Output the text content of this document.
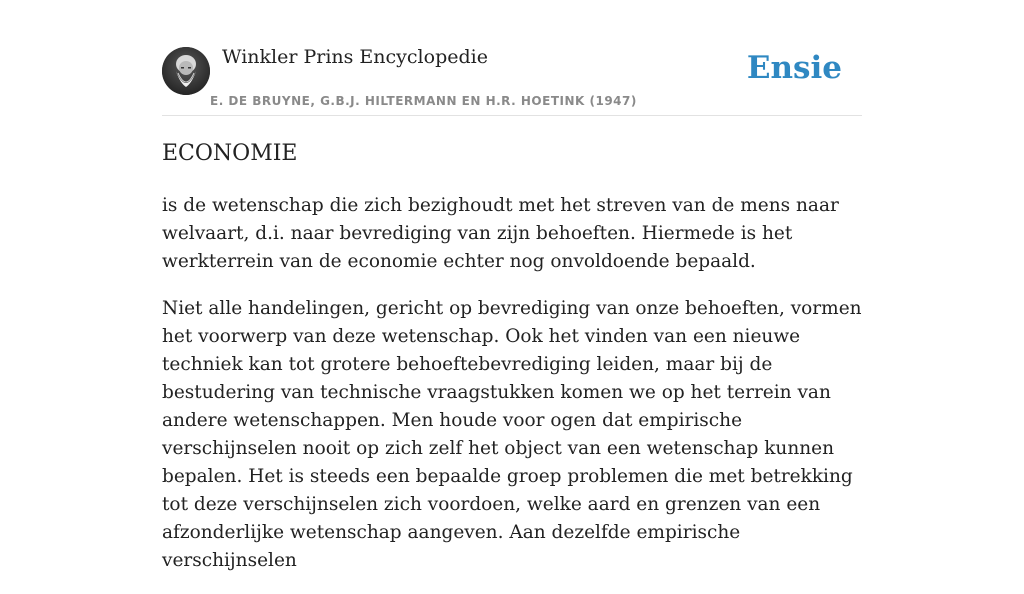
Winkler Prins Encyclopedie
E. DE BRUYNE, G.B.J. HILTERMANN EN H.R. HOETINK (1947)
Ensie
ECONOMIE

is de wetenschap die zich bezighoudt met het streven van de mens naar welvaart, d.i. naar bevrediging van zijn behoeften. Hiermede is het werkterrein van de economie echter nog onvoldoende bepaald.

Niet alle handelingen, gericht op bevrediging van onze behoeften, vormen het voorwerp van deze wetenschap. Ook het vinden van een nieuwe techniek kan tot grotere behoeftebevrediging leiden, maar bij de bestudering van technische vraagstukken komen we op het terrein van andere wetenschappen. Men houde voor ogen dat empirische verschijnselen nooit op zich zelf het object van een wetenschap kunnen bepalen. Het is steeds een bepaalde groep problemen die met betrekking tot deze verschijnselen zich voordoen, welke aard en grenzen van een afzonderlijke wetenschap aangeven. Aan dezelfde empirische verschijnselen
